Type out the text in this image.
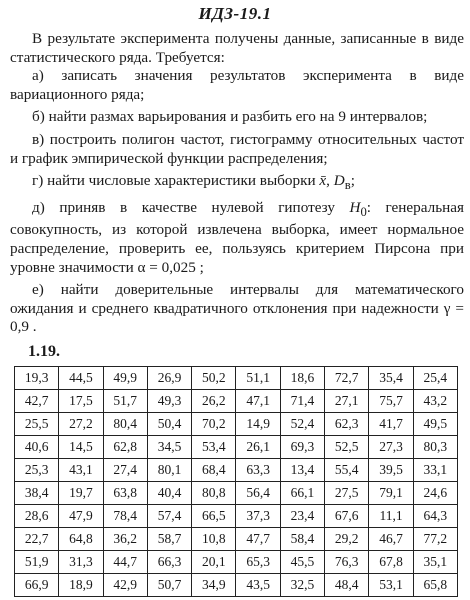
ИДЗ-19.1

В результате эксперимента получены данные, записанные в виде статистического ряда. Требуется:

а) записать значения результатов эксперимента в виде вариационного ряда;

б) найти размах варьирования и разбить его на 9 интервалов;

в) построить полигон частот, гистограмму относительных частот и график эмпирической функции распределения;

г) найти числовые характеристики выборки x̄, $D_в$;

д) приняв в качестве нулевой гипотезу $H_0$: генеральная совокупность, из которой извлечена выборка, имеет нормальное распределение, проверить ее, пользуясь критерием Пирсона при уровне значимости α = 0,025 ;

е) найти доверительные интервалы для математического ожидания и среднего квадратичного отклонения при надежности γ = 0,9 .

1.19.
19,3	44,5	49,9	26,9	50,2	51,1	18,6	72,7	35,4	25,4
42,7	17,5	51,7	49,3	26,2	47,1	71,4	27,1	75,7	43,2
25,5	27,2	80,4	50,4	70,2	14,9	52,4	62,3	41,7	49,5
40,6	14,5	62,8	34,5	53,4	26,1	69,3	52,5	27,3	80,3
25,3	43,1	27,4	80,1	68,4	63,3	13,4	55,4	39,5	33,1
38,4	19,7	63,8	40,4	80,8	56,4	66,1	27,5	79,1	24,6
28,6	47,9	78,4	57,4	66,5	37,3	23,4	67,6	11,1	64,3
22,7	64,8	36,2	58,7	10,8	47,7	58,4	29,2	46,7	77,2
51,9	31,3	44,7	66,3	20,1	65,3	45,5	76,3	67,8	35,1
66,9	18,9	42,9	50,7	34,9	43,5	32,5	48,4	53,1	65,8
